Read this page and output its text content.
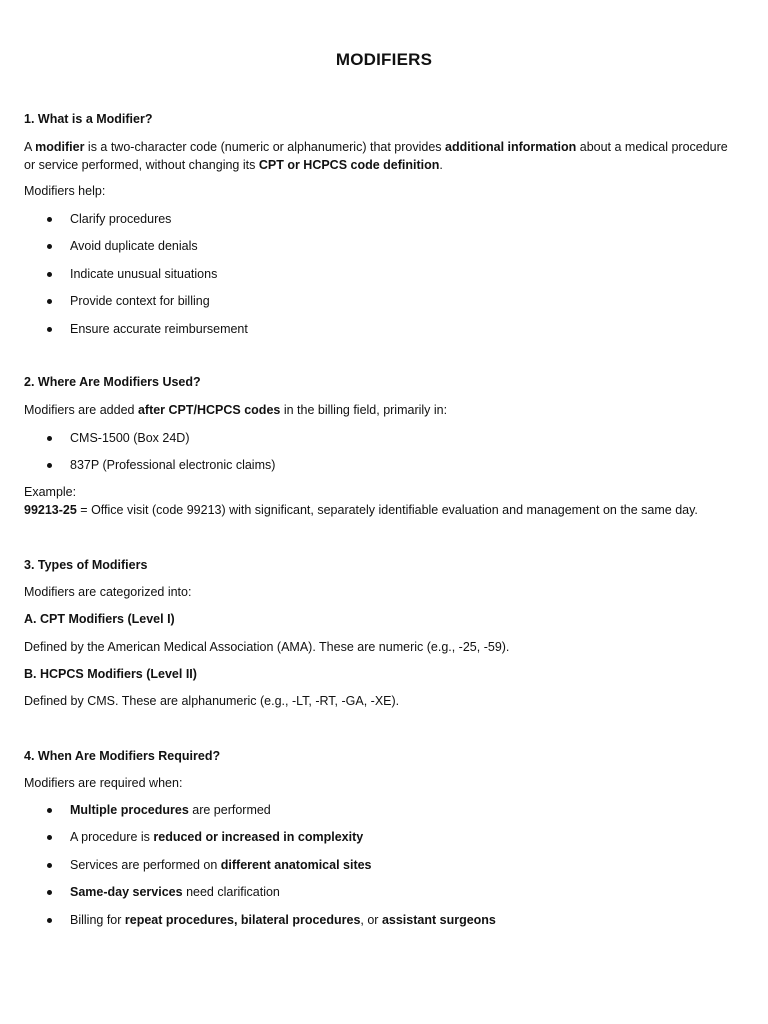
MODIFIERS
1. What is a Modifier?
A modifier is a two-character code (numeric or alphanumeric) that provides additional information about a medical procedure or service performed, without changing its CPT or HCPCS code definition.
Modifiers help:
Clarify procedures
Avoid duplicate denials
Indicate unusual situations
Provide context for billing
Ensure accurate reimbursement
2. Where Are Modifiers Used?
Modifiers are added after CPT/HCPCS codes in the billing field, primarily in:
CMS-1500 (Box 24D)
837P (Professional electronic claims)
Example:
99213-25 = Office visit (code 99213) with significant, separately identifiable evaluation and management on the same day.
3. Types of Modifiers
Modifiers are categorized into:
A. CPT Modifiers (Level I)
Defined by the American Medical Association (AMA). These are numeric (e.g., -25, -59).
B. HCPCS Modifiers (Level II)
Defined by CMS. These are alphanumeric (e.g., -LT, -RT, -GA, -XE).
4. When Are Modifiers Required?
Modifiers are required when:
Multiple procedures are performed
A procedure is reduced or increased in complexity
Services are performed on different anatomical sites
Same-day services need clarification
Billing for repeat procedures, bilateral procedures, or assistant surgeons
